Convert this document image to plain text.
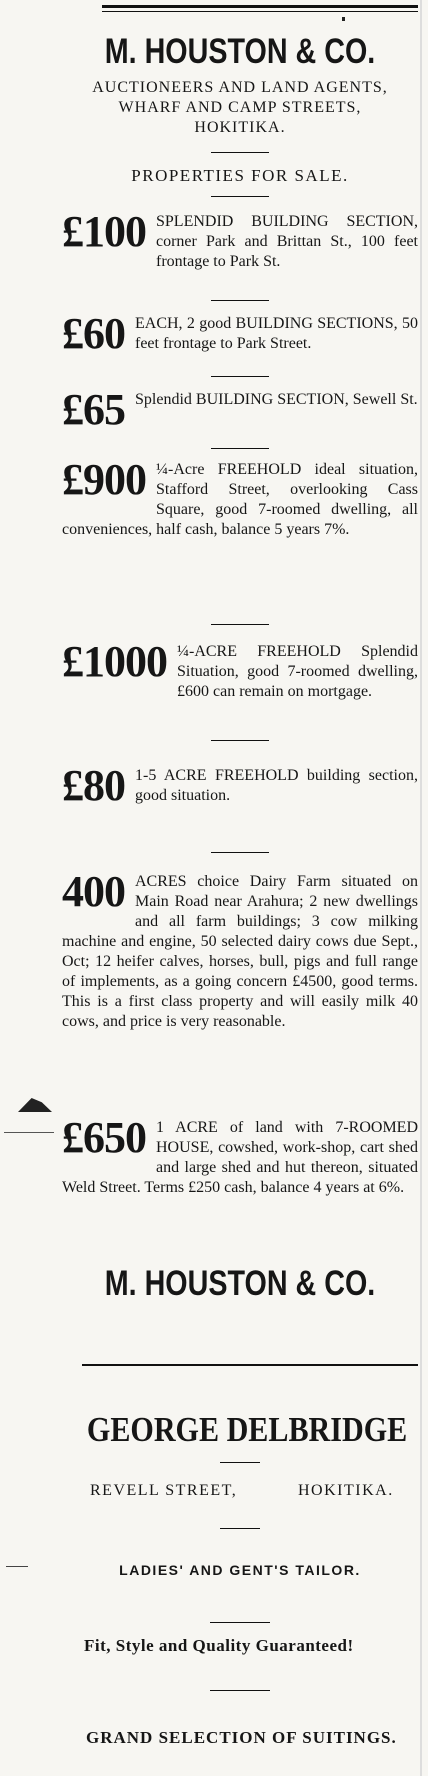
M. HOUSTON & CO.
AUCTIONEERS AND LAND AGENTS,
WHARF AND CAMP STREETS,
HOKITIKA.
PROPERTIES FOR SALE.
£100 SPLENDID BUILDING SECTION, corner Park and Brittan St., 100 feet frontage to Park St.
£60 EACH, 2 good BUILDING SECTIONS, 50 feet frontage to Park Street.
£65 Splendid BUILDING SECTION, Sewell St.
£900 ¼-Acre FREEHOLD ideal situation, Stafford Street, overlooking Cass Square, good 7-roomed dwelling, all conveniences, half cash, balance 5 years 7%.
£1000 ¼-ACRE FREEHOLD Splendid Situation, good 7-roomed dwelling, £600 can remain on mortgage.
£80 1-5 ACRE FREEHOLD building section, good situation.
400 ACRES choice Dairy Farm situated on Main Road near Arahura; 2 new dwellings and all farm buildings; 3 cow milking machine and engine, 50 selected dairy cows due Sept., Oct; 12 heifer calves, horses, bull, pigs and full range of implements, as a going concern £4500, good terms. This is a first class property and will easily milk 40 cows, and price is very reasonable.
£650 1 ACRE of land with 7-ROOMED HOUSE, cowshed, work-shop, cart shed and large shed and hut thereon, situated Weld Street. Terms £250 cash, balance 4 years at 6%.
M. HOUSTON & CO.
GEORGE DELBRIDGE
REVELL STREET,	HOKITIKA.
LADIES' AND GENT'S TAILOR.
Fit, Style and Quality Guaranteed!
GRAND SELECTION OF SUITINGS.
